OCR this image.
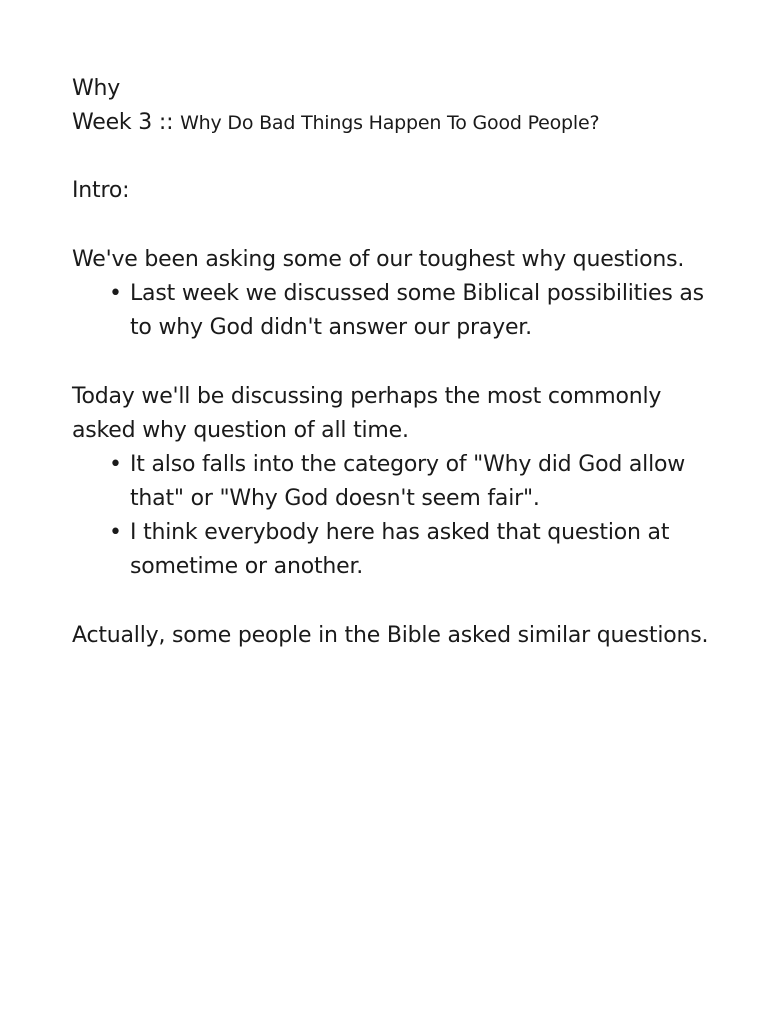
Why

Week 3 :: Why Do Bad Things Happen To Good People?

Intro:

We've been asking some of our toughest why questions.

• Last week we discussed some Biblical possibilities as to why God didn't answer our prayer.

Today we'll be discussing perhaps the most commonly asked why question of all time.

• It also falls into the category of "Why did God allow that" or "Why God doesn't seem fair".
• I think everybody here has asked that question at sometime or another.

Actually, some people in the Bible asked similar questions.
